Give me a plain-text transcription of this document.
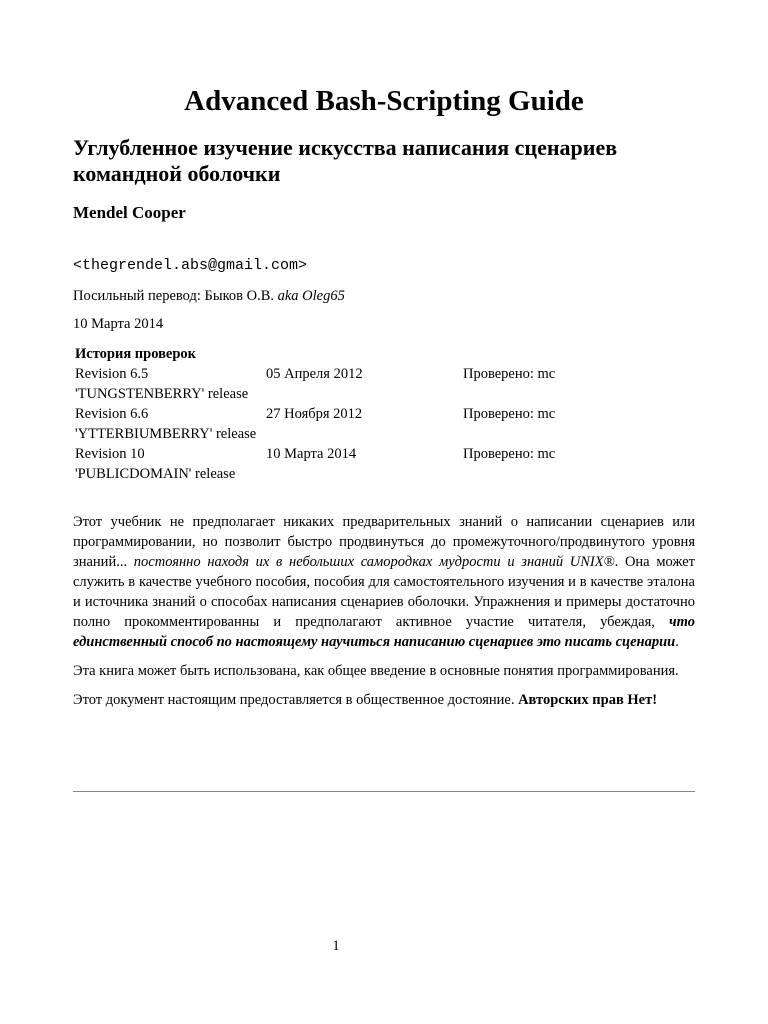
Advanced Bash-Scripting Guide
Углубленное изучение искусства написания сценариев командной оболочки
Mendel Cooper
<thegrendel.abs@gmail.com>
Посильный перевод: Быков О.В. aka Oleg65
10 Марта 2014
История проверок
Revision 6.5	05 Апреля 2012	Проверено: mc
'TUNGSTENBERRY' release
Revision 6.6	27 Ноября 2012	Проверено: mc
'YTTERBIUMBERRY' release
Revision 10	10 Марта 2014	Проверено: mc
'PUBLICDOMAIN' release

Этот учебник не предполагает никаких предварительных знаний о написании сценариев или программировании, но позволит быстро продвинуться до промежуточного/продвинутого уровня знаний... постоянно находя их в небольших самородках мудрости и знаний UNIX®. Она может служить в качестве учебного пособия, пособия для самостоятельного изучения и в качестве эталона и источника знаний о способах написания сценариев оболочки. Упражнения и примеры достаточно полно прокомментированны и предполагают активное участие читателя, убеждая, что единственный способ по настоящему научиться написанию сценариев это писать сценарии.

Эта книга может быть использована, как общее введение в основные понятия программирования.

Этот документ настоящим предоставляется в общественное достояние. Авторских прав Нет!

1
